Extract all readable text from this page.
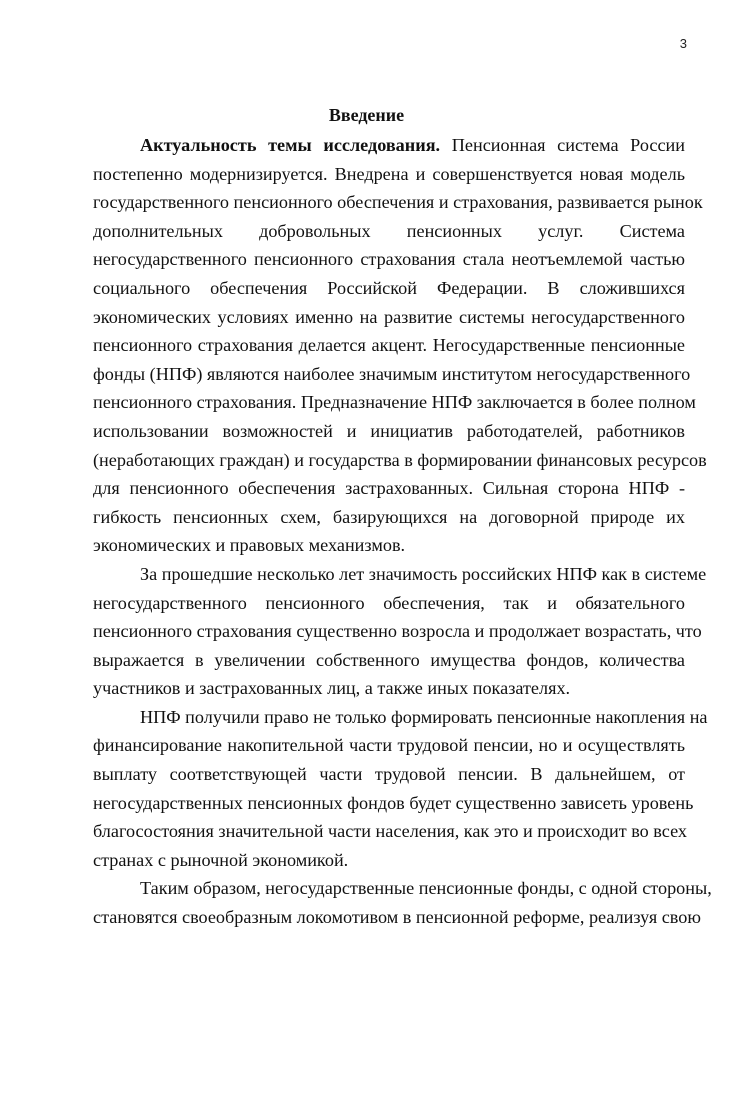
3
Введение
Актуальность темы исследования. Пенсионная система России
постепенно модернизируется. Внедрена и совершенствуется новая модель
государственного пенсионного обеспечения и страхования, развивается рынок
дополнительных добровольных пенсионных услуг. Система
негосударственного пенсионного страхования стала неотъемлемой частью
социального обеспечения Российской Федерации. В сложившихся
экономических условиях именно на развитие системы негосударственного
пенсионного страхования делается акцент. Негосударственные пенсионные
фонды (НПФ) являются наиболее значимым институтом негосударственного
пенсионного страхования. Предназначение НПФ заключается в более полном
использовании возможностей и инициатив работодателей, работников
(неработающих граждан) и государства в формировании финансовых ресурсов
для пенсионного обеспечения застрахованных. Сильная сторона НПФ -
гибкость пенсионных схем, базирующихся на договорной природе их
экономических и правовых механизмов.
За прошедшие несколько лет значимость российских НПФ как в системе
негосударственного пенсионного обеспечения, так и обязательного
пенсионного страхования существенно возросла и продолжает возрастать, что
выражается в увеличении собственного имущества фондов, количества
участников и застрахованных лиц, а также иных показателях.
НПФ получили право не только формировать пенсионные накопления на
финансирование накопительной части трудовой пенсии, но и осуществлять
выплату соответствующей части трудовой пенсии. В дальнейшем, от
негосударственных пенсионных фондов будет существенно зависеть уровень
благосостояния значительной части населения, как это и происходит во всех
странах с рыночной экономикой.
Таким образом, негосударственные пенсионные фонды, с одной стороны,
становятся своеобразным локомотивом в пенсионной реформе, реализуя свою
